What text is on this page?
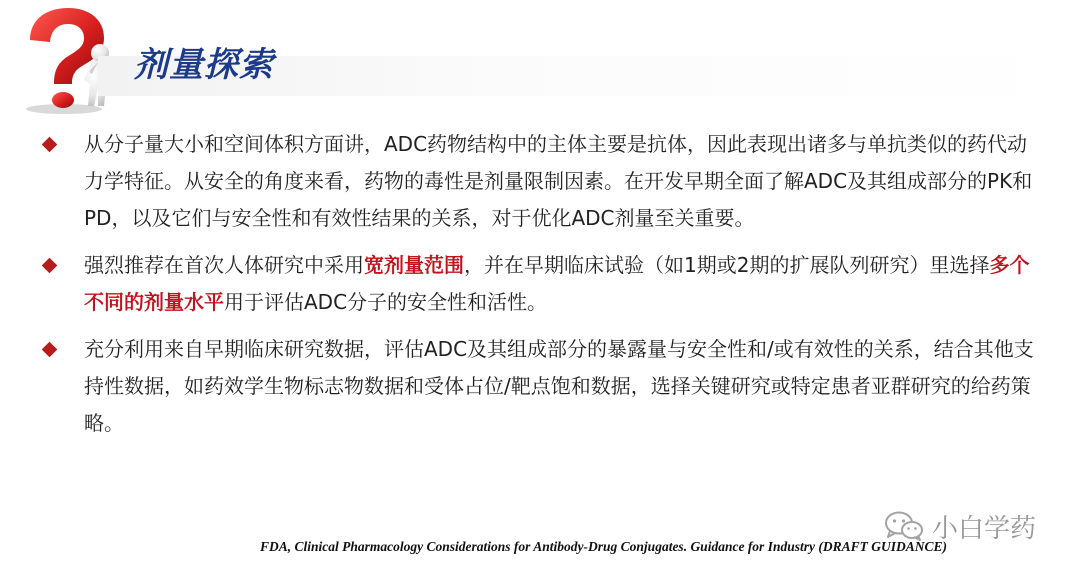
剂量探索
从分子量大小和空间体积方面讲，ADC药物结构中的主体主要是抗体，因此表现出诸多与单抗类似的药代动力学特征。从安全的角度来看，药物的毒性是剂量限制因素。在开发早期全面了解ADC及其组成部分的PK和PD，以及它们与安全性和有效性结果的关系，对于优化ADC剂量至关重要。
强烈推荐在首次人体研究中采用宽剂量范围，并在早期临床试验（如1期或2期的扩展队列研究）里选择多个不同的剂量水平用于评估ADC分子的安全性和活性。
充分利用来自早期临床研究数据，评估ADC及其组成部分的暴露量与安全性和/或有效性的关系，结合其他支持性数据，如药效学生物标志物数据和受体占位/靶点饱和数据，选择关键研究或特定患者亚群研究的给药策略。

FDA, Clinical Pharmacology Considerations for Antibody-Drug Conjugates. Guidance for Industry (DRAFT GUIDANCE)

小白学药
